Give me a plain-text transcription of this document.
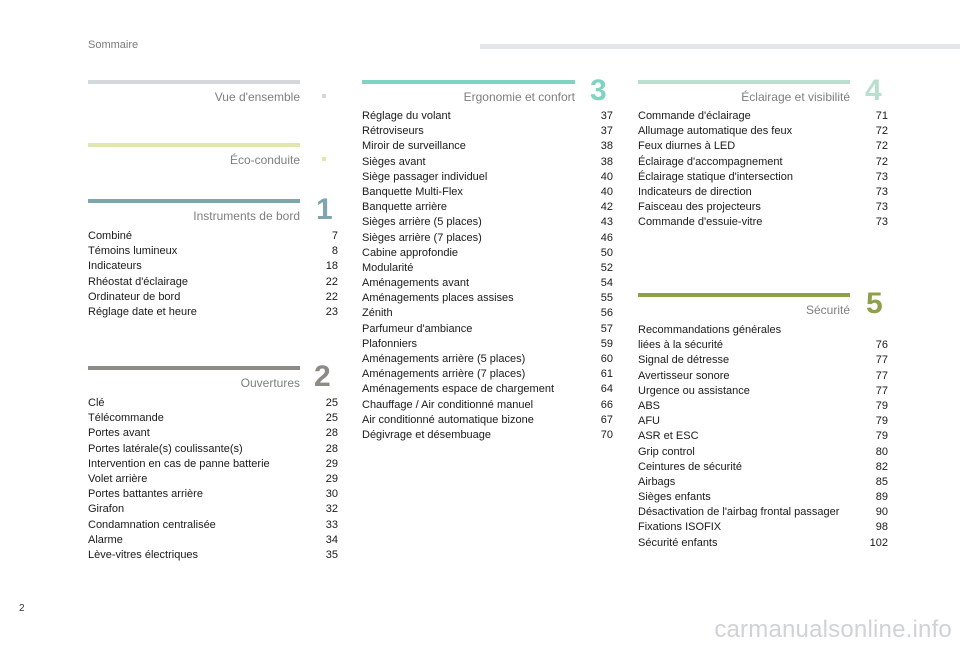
Sommaire
Vue d'ensemble
Éco-conduite
Instruments de bord 1
Combiné	7
Témoins lumineux	8
Indicateurs	18
Rhéostat d'éclairage	22
Ordinateur de bord	22
Réglage date et heure	23
Ouvertures 2
Clé	25
Télécommande	25
Portes avant	28
Portes latérale(s) coulissante(s)	28
Intervention en cas de panne batterie	29
Volet arrière	29
Portes battantes arrière	30
Girafon	32
Condamnation centralisée	33
Alarme	34
Lève-vitres électriques	35
Ergonomie et confort 3
Réglage du volant	37
Rétroviseurs	37
Miroir de surveillance	38
Sièges avant	38
Siège passager individuel	40
Banquette Multi-Flex	40
Banquette arrière	42
Sièges arrière (5 places)	43
Sièges arrière (7 places)	46
Cabine approfondie	50
Modularité	52
Aménagements avant	54
Aménagements places assises	55
Zénith	56
Parfumeur d'ambiance	57
Plafonniers	59
Aménagements arrière (5 places)	60
Aménagements arrière (7 places)	61
Aménagements espace de chargement	64
Chauffage / Air conditionné manuel	66
Air conditionné automatique bizone	67
Dégivrage et désembuage	70
Éclairage et visibilité 4
Commande d'éclairage	71
Allumage automatique des feux	72
Feux diurnes à LED	72
Éclairage d'accompagnement	72
Éclairage statique d'intersection	73
Indicateurs de direction	73
Faisceau des projecteurs	73
Commande d'essuie-vitre	73
Sécurité 5
Recommandations générales
liées à la sécurité	76
Signal de détresse	77
Avertisseur sonore	77
Urgence ou assistance	77
ABS	79
AFU	79
ASR et ESC	79
Grip control	80
Ceintures de sécurité	82
Airbags	85
Sièges enfants	89
Désactivation de l'airbag frontal passager	90
Fixations ISOFIX	98
Sécurité enfants	102
2
carmanualsonline.info
